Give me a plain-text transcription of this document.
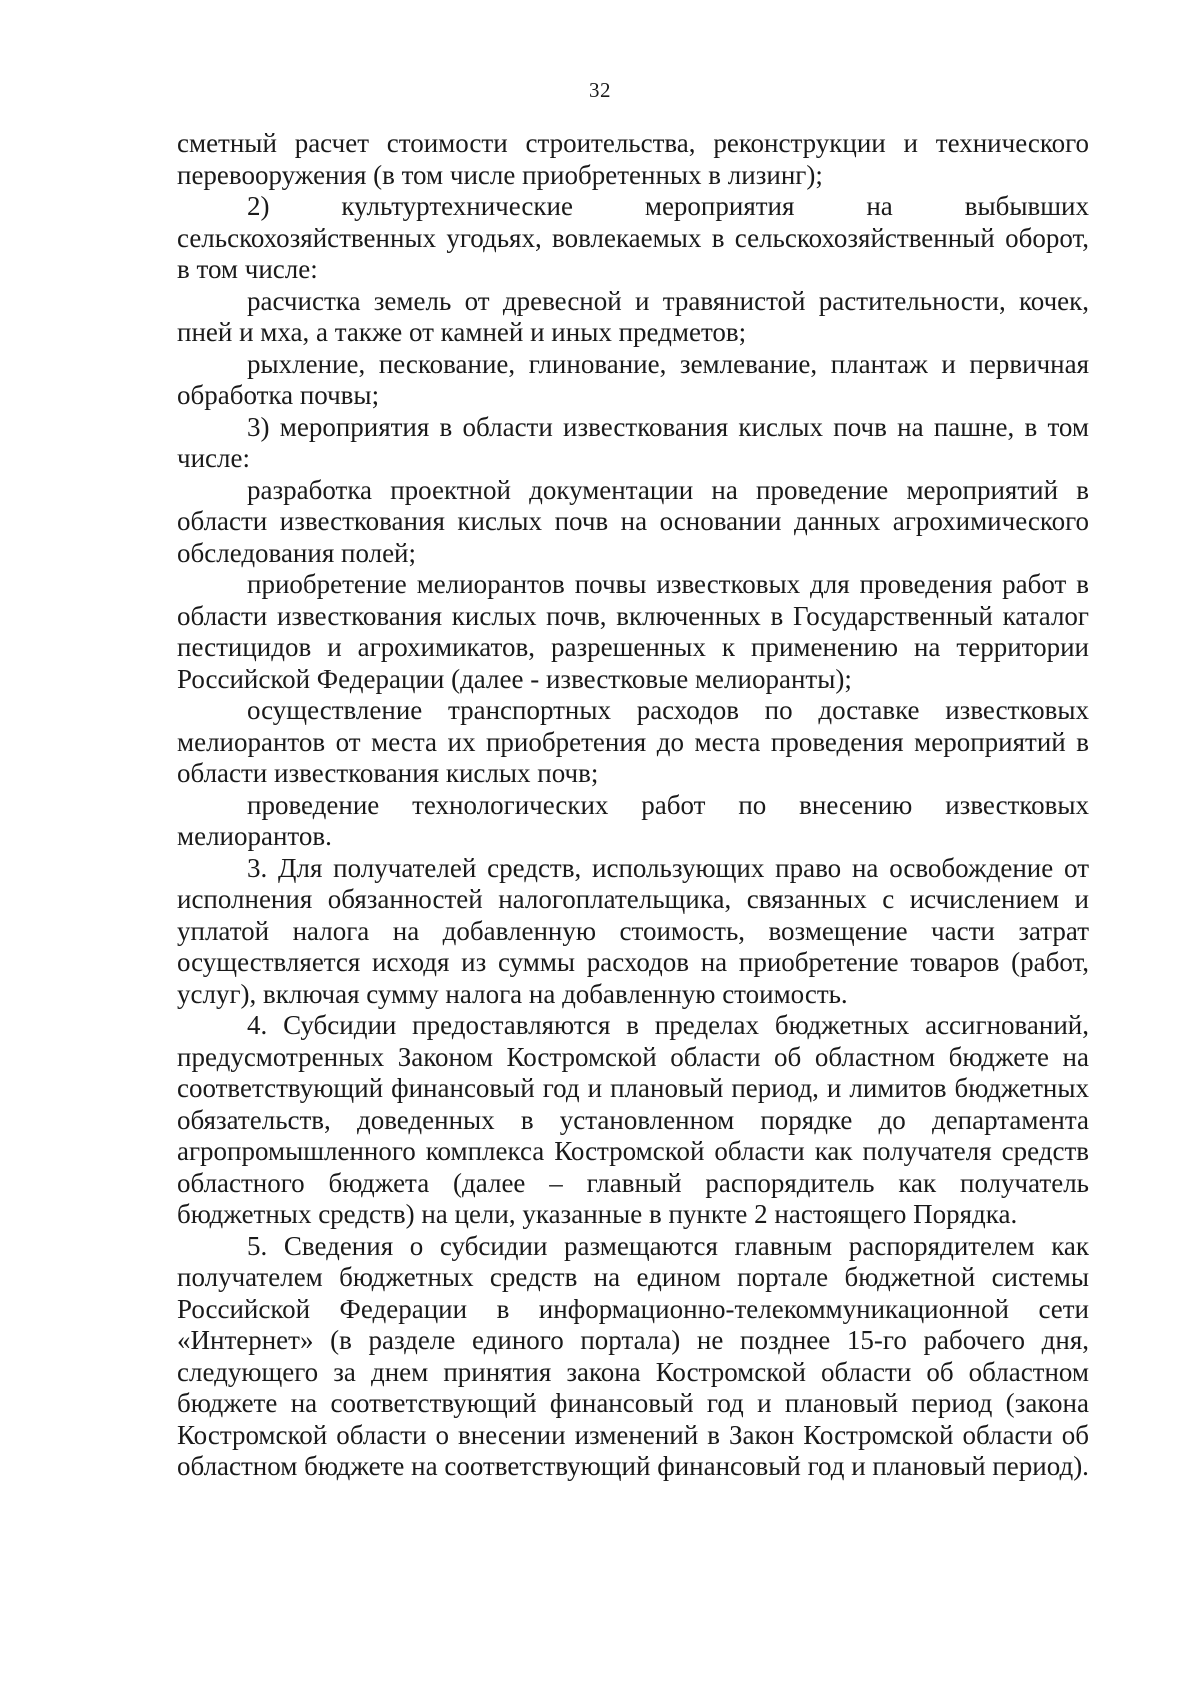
32

сметный расчет стоимости строительства, реконструкции и технического перевооружения (в том числе приобретенных в лизинг);

2) культуртехнические мероприятия на выбывших сельскохозяйственных угодьях, вовлекаемых в сельскохозяйственный оборот, в том числе:

расчистка земель от древесной и травянистой растительности, кочек, пней и мха, а также от камней и иных предметов;

рыхление, пескование, глинование, землевание, плантаж и первичная обработка почвы;

3) мероприятия в области известкования кислых почв на пашне, в том числе:

разработка проектной документации на проведение мероприятий в области известкования кислых почв на основании данных агрохимического обследования полей;

приобретение мелиорантов почвы известковых для проведения работ в области известкования кислых почв, включенных в Государственный каталог пестицидов и агрохимикатов, разрешенных к применению на территории Российской Федерации (далее - известковые мелиоранты);

осуществление транспортных расходов по доставке известковых мелиорантов от места их приобретения до места проведения мероприятий в области известкования кислых почв;

проведение технологических работ по внесению известковых мелиорантов.

3. Для получателей средств, использующих право на освобождение от исполнения обязанностей налогоплательщика, связанных с исчислением и уплатой налога на добавленную стоимость, возмещение части затрат осуществляется исходя из суммы расходов на приобретение товаров (работ, услуг), включая сумму налога на добавленную стоимость.

4. Субсидии предоставляются в пределах бюджетных ассигнований, предусмотренных Законом Костромской области об областном бюджете на соответствующий финансовый год и плановый период, и лимитов бюджетных обязательств, доведенных в установленном порядке до департамента агропромышленного комплекса Костромской области как получателя средств областного бюджета (далее – главный распорядитель как получатель бюджетных средств) на цели, указанные в пункте 2 настоящего Порядка.

5. Сведения о субсидии размещаются главным распорядителем как получателем бюджетных средств на едином портале бюджетной системы Российской Федерации в информационно-телекоммуникационной сети «Интернет» (в разделе единого портала) не позднее 15-го рабочего дня, следующего за днем принятия закона Костромской области об областном бюджете на соответствующий финансовый год и плановый период (закона Костромской области о внесении изменений в Закон Костромской области об областном бюджете на соответствующий финансовый год и плановый период).
